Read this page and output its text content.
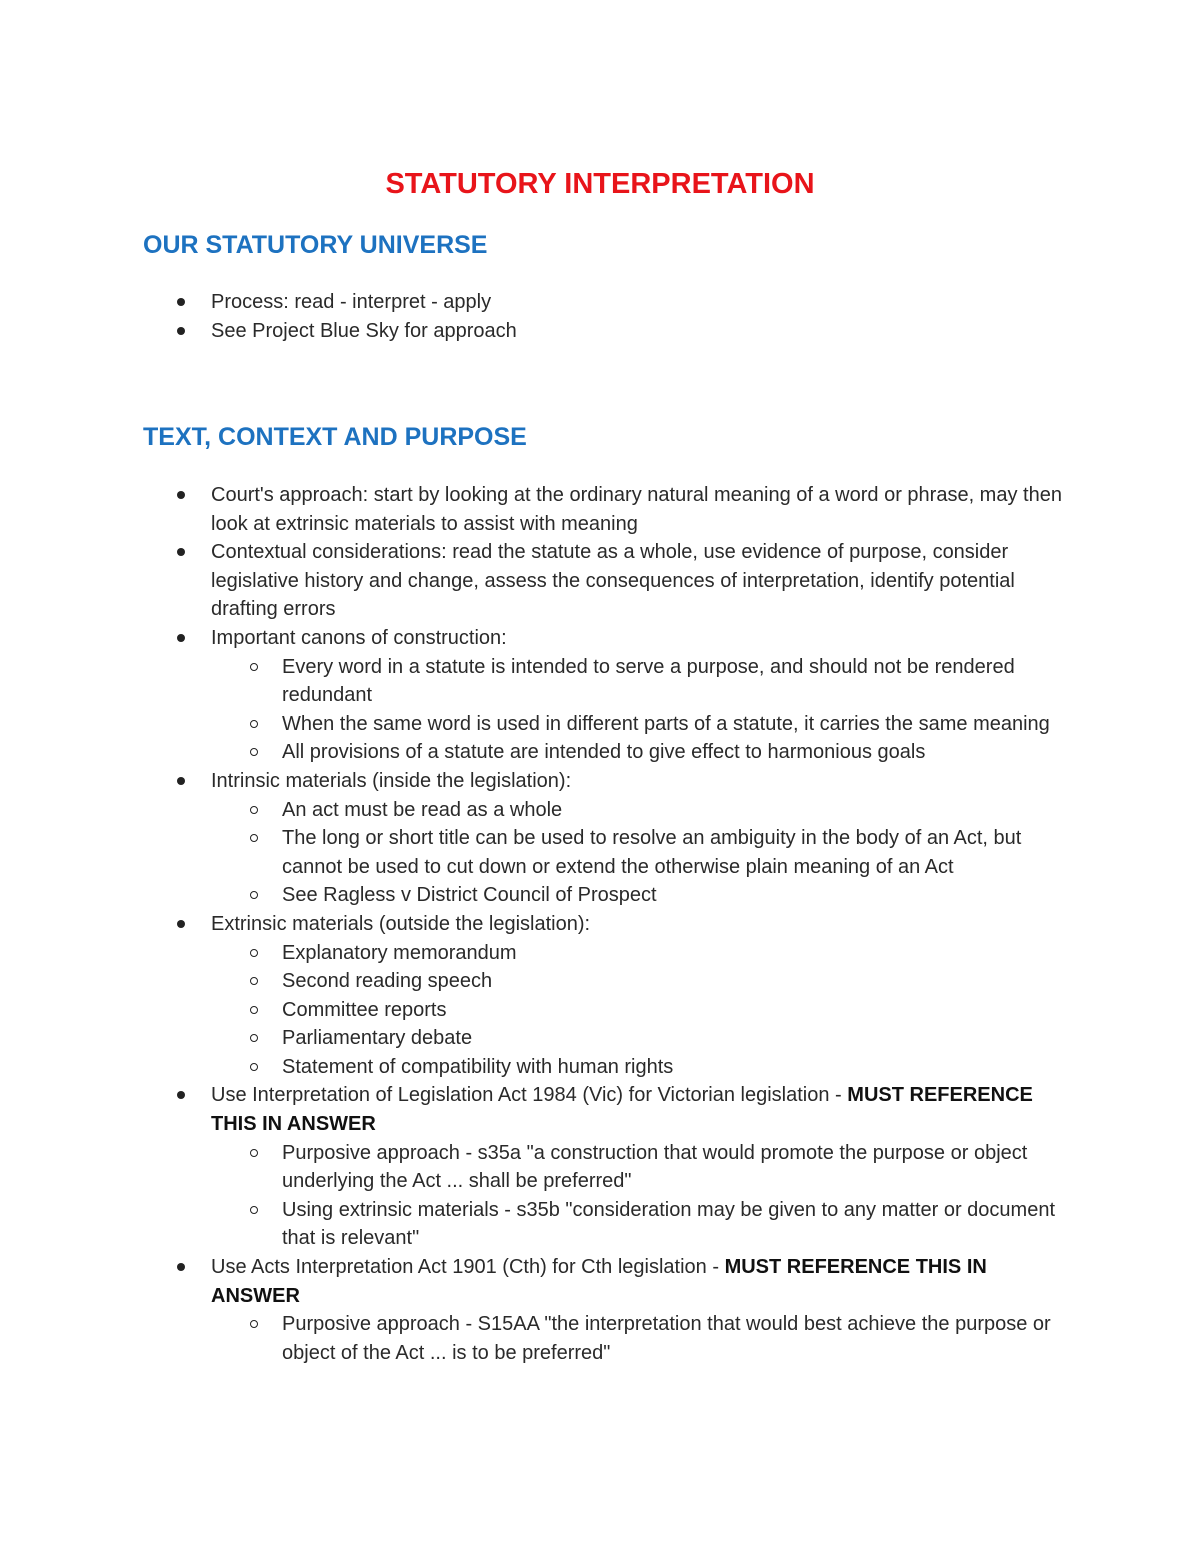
STATUTORY INTERPRETATION
OUR STATUTORY UNIVERSE
Process: read - interpret - apply
See Project Blue Sky for approach
TEXT, CONTEXT AND PURPOSE
Court's approach: start by looking at the ordinary natural meaning of a word or phrase, may then look at extrinsic materials to assist with meaning
Contextual considerations: read the statute as a whole, use evidence of purpose, consider legislative history and change, assess the consequences of interpretation, identify potential drafting errors
Important canons of construction:
Every word in a statute is intended to serve a purpose, and should not be rendered redundant
When the same word is used in different parts of a statute, it carries the same meaning
All provisions of a statute are intended to give effect to harmonious goals
Intrinsic materials (inside the legislation):
An act must be read as a whole
The long or short title can be used to resolve an ambiguity in the body of an Act, but cannot be used to cut down or extend the otherwise plain meaning of an Act
See Ragless v District Council of Prospect
Extrinsic materials (outside the legislation):
Explanatory memorandum
Second reading speech
Committee reports
Parliamentary debate
Statement of compatibility with human rights
Use Interpretation of Legislation Act 1984 (Vic) for Victorian legislation - MUST REFERENCE THIS IN ANSWER
Purposive approach - s35a "a construction that would promote the purpose or object underlying the Act ... shall be preferred"
Using extrinsic materials - s35b "consideration may be given to any matter or document that is relevant"
Use Acts Interpretation Act 1901 (Cth) for Cth legislation - MUST REFERENCE THIS IN ANSWER
Purposive approach - S15AA "the interpretation that would best achieve the purpose or object of the Act ... is to be preferred"
